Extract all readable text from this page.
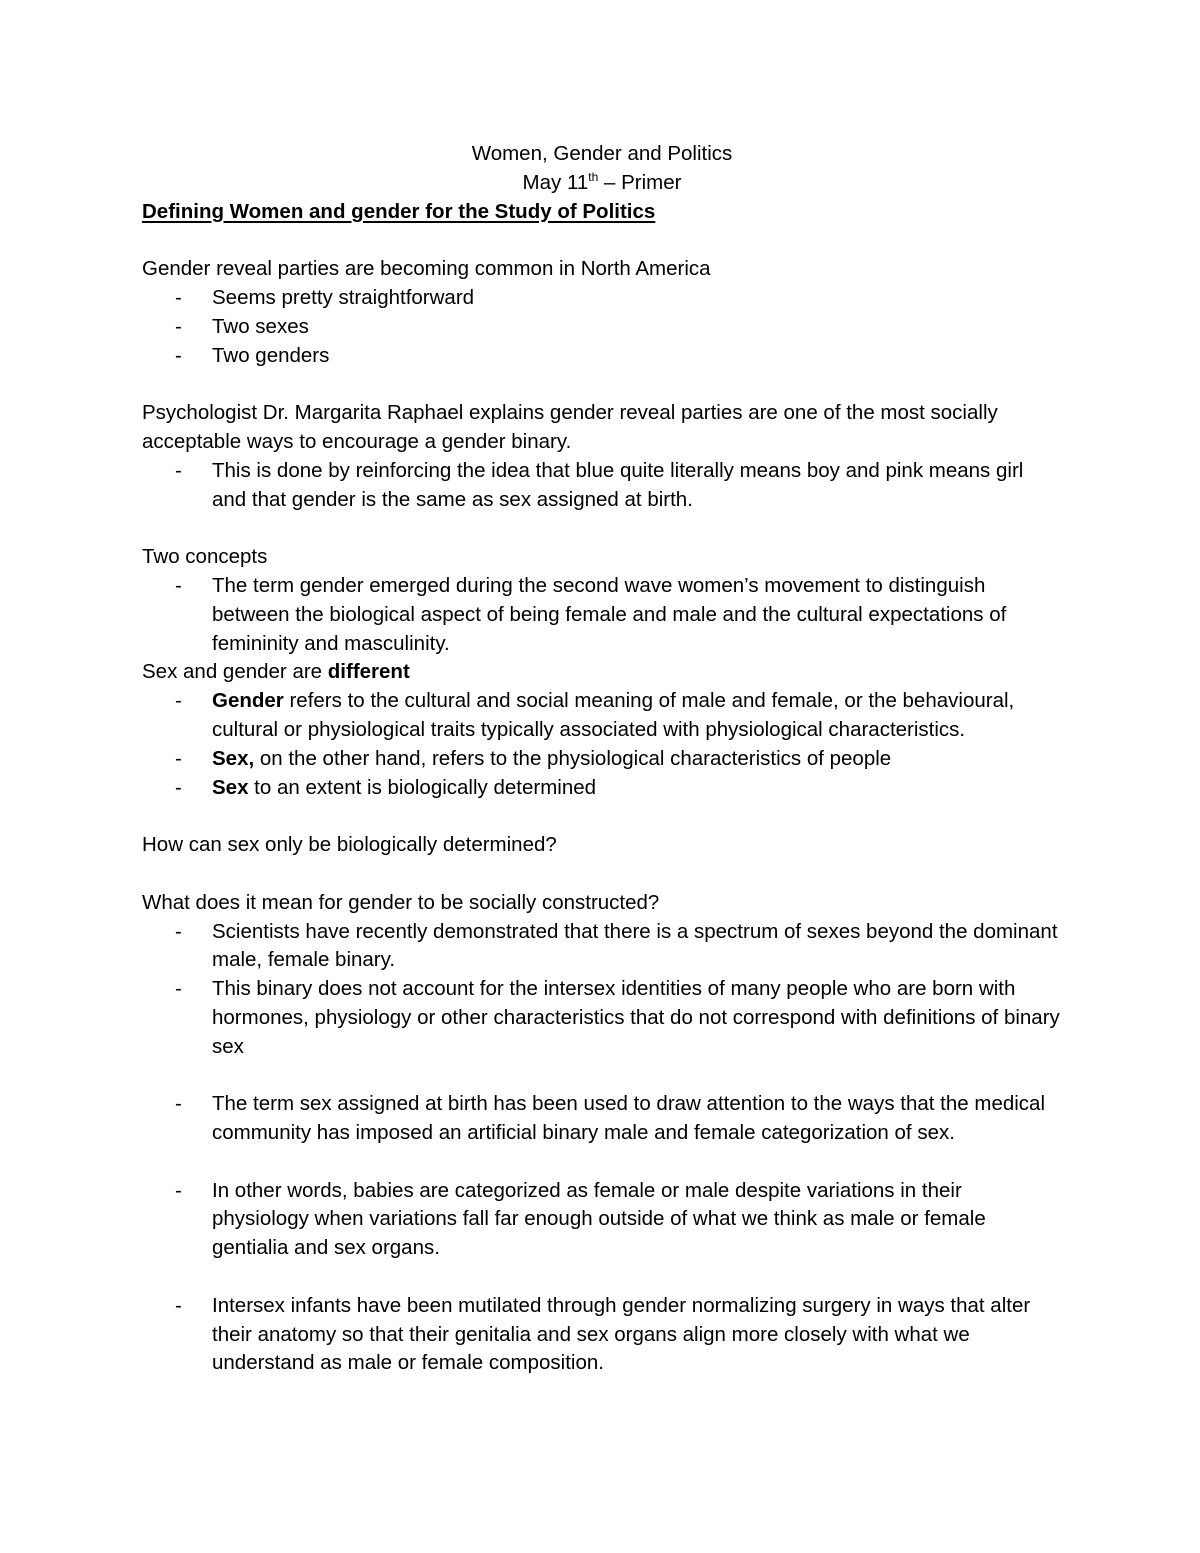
Women, Gender and Politics

May 11th – Primer

Defining Women and gender for the Study of Politics

Gender reveal parties are becoming common in North America

- Seems pretty straightforward
- Two sexes
- Two genders

Psychologist Dr. Margarita Raphael explains gender reveal parties are one of the most socially acceptable ways to encourage a gender binary.

- This is done by reinforcing the idea that blue quite literally means boy and pink means girl and that gender is the same as sex assigned at birth.

Two concepts

- The term gender emerged during the second wave women’s movement to distinguish between the biological aspect of being female and male and the cultural expectations of femininity and masculinity.

Sex and gender are different

- Gender refers to the cultural and social meaning of male and female, or the behavioural, cultural or physiological traits typically associated with physiological characteristics.
- Sex, on the other hand, refers to the physiological characteristics of people
- Sex to an extent is biologically determined

How can sex only be biologically determined?

What does it mean for gender to be socially constructed?

- Scientists have recently demonstrated that there is a spectrum of sexes beyond the dominant male, female binary.
- This binary does not account for the intersex identities of many people who are born with hormones, physiology or other characteristics that do not correspond with definitions of binary sex
- The term sex assigned at birth has been used to draw attention to the ways that the medical community has imposed an artificial binary male and female categorization of sex.
- In other words, babies are categorized as female or male despite variations in their physiology when variations fall far enough outside of what we think as male or female gentialia and sex organs.
- Intersex infants have been mutilated through gender normalizing surgery in ways that alter their anatomy so that their genitalia and sex organs align more closely with what we understand as male or female composition.
